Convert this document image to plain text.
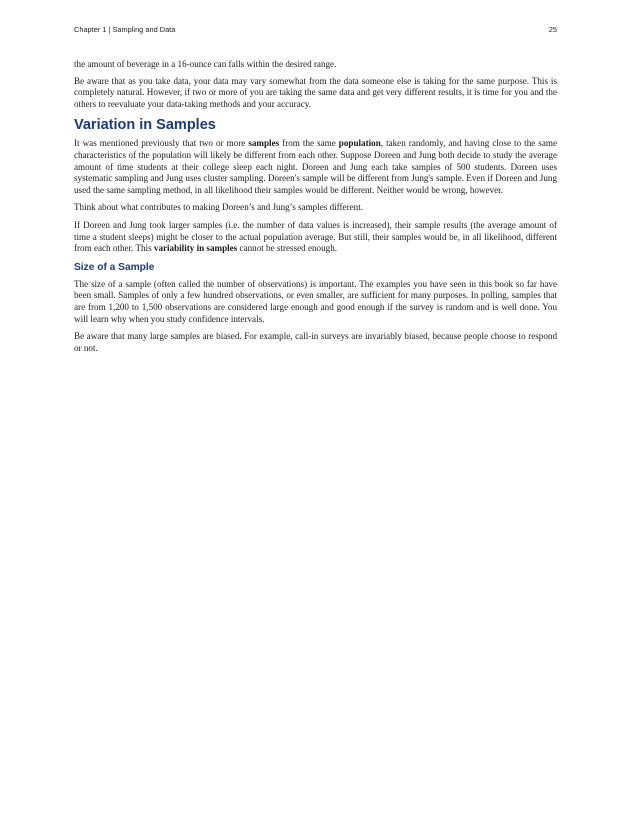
Chapter 1 | Sampling and Data	25

the amount of beverage in a 16-ounce can falls within the desired range.

Be aware that as you take data, your data may vary somewhat from the data someone else is taking for the same purpose. This is completely natural. However, if two or more of you are taking the same data and get very different results, it is time for you and the others to reevaluate your data-taking methods and your accuracy.

Variation in Samples

It was mentioned previously that two or more samples from the same population, taken randomly, and having close to the same characteristics of the population will likely be different from each other. Suppose Doreen and Jung both decide to study the average amount of time students at their college sleep each night. Doreen and Jung each take samples of 500 students. Doreen uses systematic sampling and Jung uses cluster sampling. Doreen's sample will be different from Jung's sample. Even if Doreen and Jung used the same sampling method, in all likelihood their samples would be different. Neither would be wrong, however.

Think about what contributes to making Doreen’s and Jung’s samples different.

If Doreen and Jung took larger samples (i.e. the number of data values is increased), their sample results (the average amount of time a student sleeps) might be closer to the actual population average. But still, their samples would be, in all likelihood, different from each other. This variability in samples cannot be stressed enough.

Size of a Sample

The size of a sample (often called the number of observations) is important. The examples you have seen in this book so far have been small. Samples of only a few hundred observations, or even smaller, are sufficient for many purposes. In polling, samples that are from 1,200 to 1,500 observations are considered large enough and good enough if the survey is random and is well done. You will learn why when you study confidence intervals.

Be aware that many large samples are biased. For example, call-in surveys are invariably biased, because people choose to respond or not.
